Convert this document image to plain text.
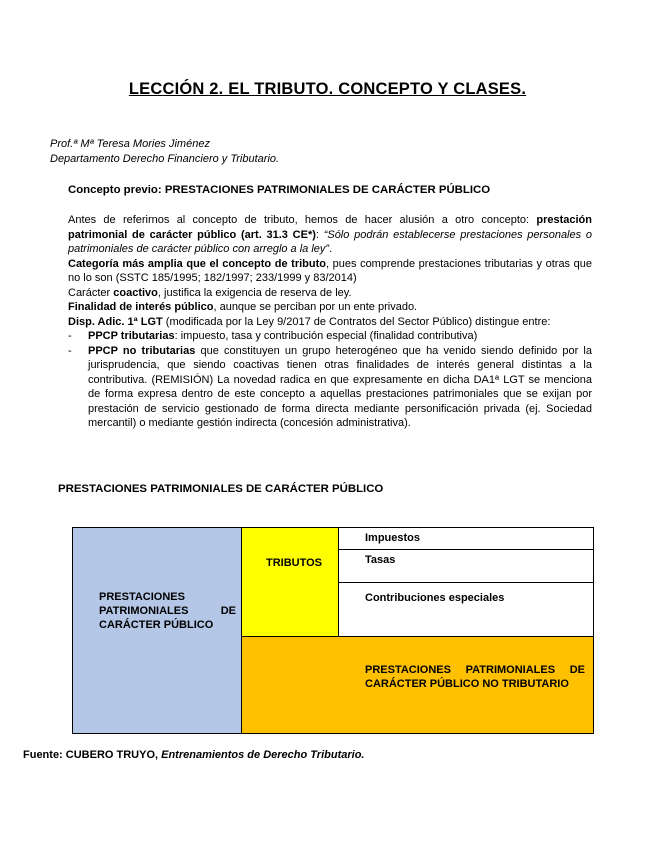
LECCIÓN 2. EL TRIBUTO. CONCEPTO Y CLASES.
Prof.ª Mª Teresa Mories Jiménez
Departamento Derecho Financiero y Tributario.
Concepto previo: PRESTACIONES PATRIMONIALES DE CARÁCTER PÚBLICO

Antes de referirnos al concepto de tributo, hemos de hacer alusión a otro concepto: prestación patrimonial de carácter público (art. 31.3 CE*): “Sólo podrán establecerse prestaciones personales o patrimoniales de carácter público con arreglo a la ley”.

Categoría más amplia que el concepto de tributo, pues comprende prestaciones tributarias y otras que no lo son (SSTC 185/1995; 182/1997; 233/1999 y 83/2014)

Carácter coactivo, justifica la exigencia de reserva de ley.

Finalidad de interés público, aunque se perciban por un ente privado.

Disp. Adic. 1ª LGT (modificada por la Ley 9/2017 de Contratos del Sector Público) distingue entre:

- PPCP tributarias: impuesto, tasa y contribución especial (finalidad contributiva)
- PPCP no tributarias que constituyen un grupo heterogéneo que ha venido siendo definido por la jurisprudencia, que siendo coactivas tienen otras finalidades de interés general distintas a la contributiva. (REMISIÓN) La novedad radica en que expresamente en dicha DA1ª LGT se menciona de forma expresa dentro de este concepto a aquellas prestaciones patrimoniales que se exijan por prestación de servicio gestionado de forma directa mediante personificación privada (ej. Sociedad mercantil) o mediante gestión indirecta (concesión administrativa).
PRESTACIONES PATRIMONIALES DE CARÁCTER PÚBLICO
PRESTACIONES
PATRIMONIALES DE
CARÁCTER PÚBLICO
TRIBUTOS
Impuestos
Tasas
Contribuciones especiales
PRESTACIONES PATRIMONIALES DE
CARÁCTER PÚBLICO NO TRIBUTARIO
Fuente: CUBERO TRUYO, Entrenamientos de Derecho Tributario.
